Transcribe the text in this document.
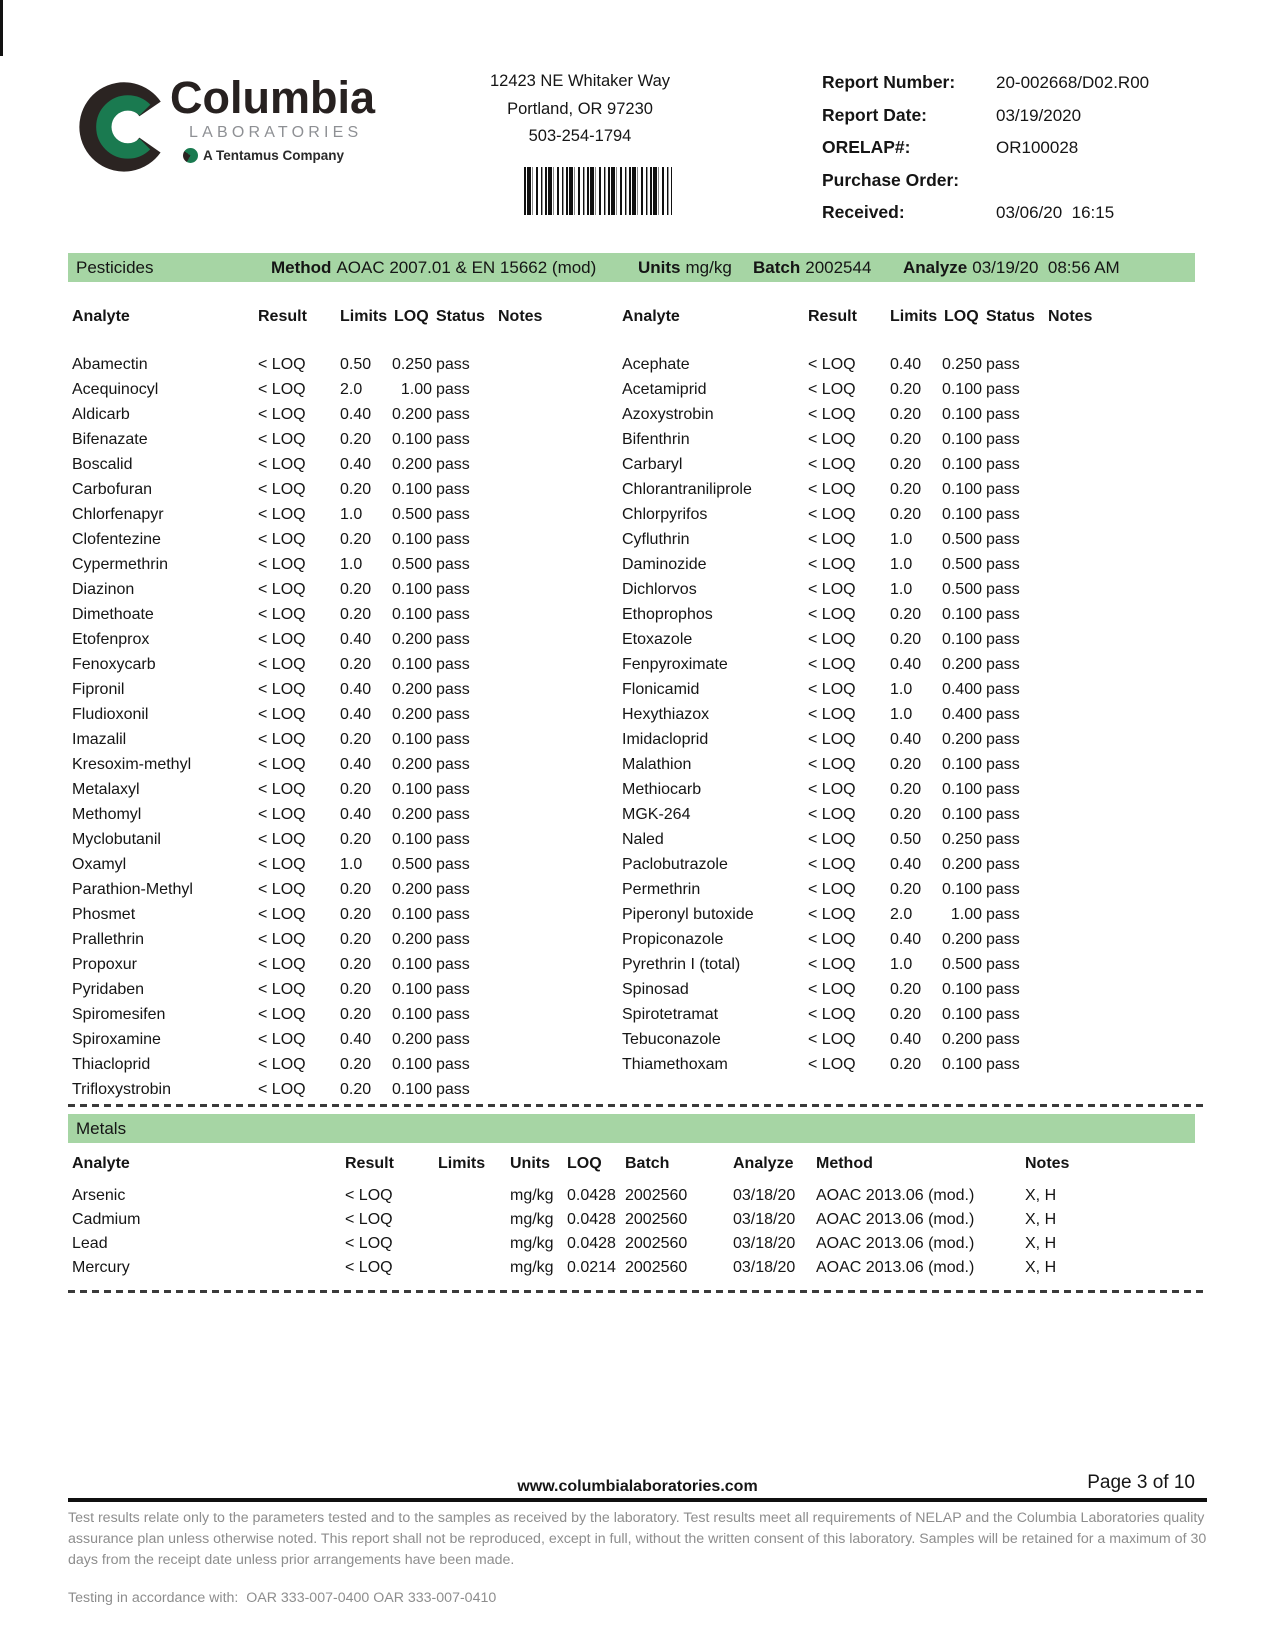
Columbia
LABORATORIES
A Tentamus Company
12423 NE Whitaker Way
Portland, OR 97230
503-254-1794
Report Number: 20-002668/D02.R00
Report Date:	03/19/2020
ORELAP#:	OR100028
Purchase Order:
Received:	03/06/20  16:15
Pesticides	Method AOAC 2007.01 & EN 15662 (mod) Units mg/kg Batch 2002544 Analyze 03/19/20  08:56 AM
Analyte	Result Limits LOQ Status Notes	Analyte	Result Limits LOQ Status Notes
Abamectin	< LOQ 0.50	0.250 pass
Acequinocyl	< LOQ 2.0	1.00 pass
Aldicarb	< LOQ 0.40	0.200 pass
Bifenazate	< LOQ 0.20	0.100 pass
Boscalid	< LOQ 0.40	0.200 pass
Carbofuran	< LOQ 0.20	0.100 pass
Chlorfenapyr	< LOQ 1.0	0.500 pass
Clofentezine	< LOQ 0.20	0.100 pass
Cypermethrin	< LOQ 1.0	0.500 pass
Diazinon	< LOQ 0.20	0.100 pass
Dimethoate	< LOQ 0.20	0.100 pass
Etofenprox	< LOQ 0.40	0.200 pass
Fenoxycarb	< LOQ 0.20	0.100 pass
Fipronil	< LOQ 0.40	0.200 pass
Fludioxonil	< LOQ 0.40	0.200 pass
Imazalil	< LOQ 0.20	0.100 pass
Kresoxim-methyl	< LOQ 0.40	0.200 pass
Metalaxyl	< LOQ 0.20	0.100 pass
Methomyl	< LOQ 0.40	0.200 pass
Myclobutanil	< LOQ 0.20	0.100 pass
Oxamyl	< LOQ 1.0	0.500 pass
Parathion-Methyl	< LOQ 0.20	0.200 pass
Phosmet	< LOQ 0.20	0.100 pass
Prallethrin	< LOQ 0.20	0.200 pass
Propoxur	< LOQ 0.20	0.100 pass
Pyridaben	< LOQ 0.20	0.100 pass
Spiromesifen	< LOQ 0.20	0.100 pass
Spiroxamine	< LOQ 0.40	0.200 pass
Thiacloprid	< LOQ 0.20	0.100 pass
Trifloxystrobin	< LOQ 0.20	0.100 pass
Acephate	< LOQ 0.40	0.250 pass
Acetamiprid	< LOQ 0.20	0.100 pass
Azoxystrobin	< LOQ 0.20	0.100 pass
Bifenthrin	< LOQ 0.20	0.100 pass
Carbaryl	< LOQ 0.20	0.100 pass
Chlorantraniliprole	< LOQ 0.20	0.100 pass
Chlorpyrifos	< LOQ 0.20	0.100 pass
Cyfluthrin	< LOQ 1.0	0.500 pass
Daminozide	< LOQ 1.0	0.500 pass
Dichlorvos	< LOQ 1.0	0.500 pass
Ethoprophos	< LOQ 0.20	0.100 pass
Etoxazole	< LOQ 0.20	0.100 pass
Fenpyroximate	< LOQ 0.40	0.200 pass
Flonicamid	< LOQ 1.0	0.400 pass
Hexythiazox	< LOQ 1.0	0.400 pass
Imidacloprid	< LOQ 0.40	0.200 pass
Malathion	< LOQ 0.20	0.100 pass
Methiocarb	< LOQ 0.20	0.100 pass
MGK-264	< LOQ 0.20	0.100 pass
Naled	< LOQ 0.50	0.250 pass
Paclobutrazole	< LOQ 0.40	0.200 pass
Permethrin	< LOQ 0.20	0.100 pass
Piperonyl butoxide	< LOQ 2.0	1.00 pass
Propiconazole	< LOQ 0.40	0.200 pass
Pyrethrin I (total)	< LOQ 1.0	0.500 pass
Spinosad	< LOQ 0.20	0.100 pass
Spirotetramat	< LOQ 0.20	0.100 pass
Tebuconazole	< LOQ 0.40	0.200 pass
Thiamethoxam	< LOQ 0.20	0.100 pass
Metals
Analyte	Result	Limits Units LOQ Batch	Analyze Method	Notes
Arsenic	< LOQ	mg/kg 0.0428 2002560	03/18/20 AOAC 2013.06 (mod.)	X, H
Cadmium	< LOQ	mg/kg 0.0428 2002560	03/18/20 AOAC 2013.06 (mod.)	X, H
Lead	< LOQ	mg/kg 0.0428 2002560	03/18/20 AOAC 2013.06 (mod.)	X, H
Mercury	< LOQ	mg/kg 0.0214 2002560	03/18/20 AOAC 2013.06 (mod.)	X, H
www.columbialaboratories.com	Page 3 of 10
Test results relate only to the parameters tested and to the samples as received by the laboratory. Test results meet all requirements of NELAP and the Columbia Laboratories quality assurance plan unless otherwise noted. This report shall not be reproduced, except in full, without the written consent of this laboratory. Samples will be retained for a maximum of 30 days from the receipt date unless prior arrangements have been made.
Testing in accordance with:  OAR 333-007-0400 OAR 333-007-0410
